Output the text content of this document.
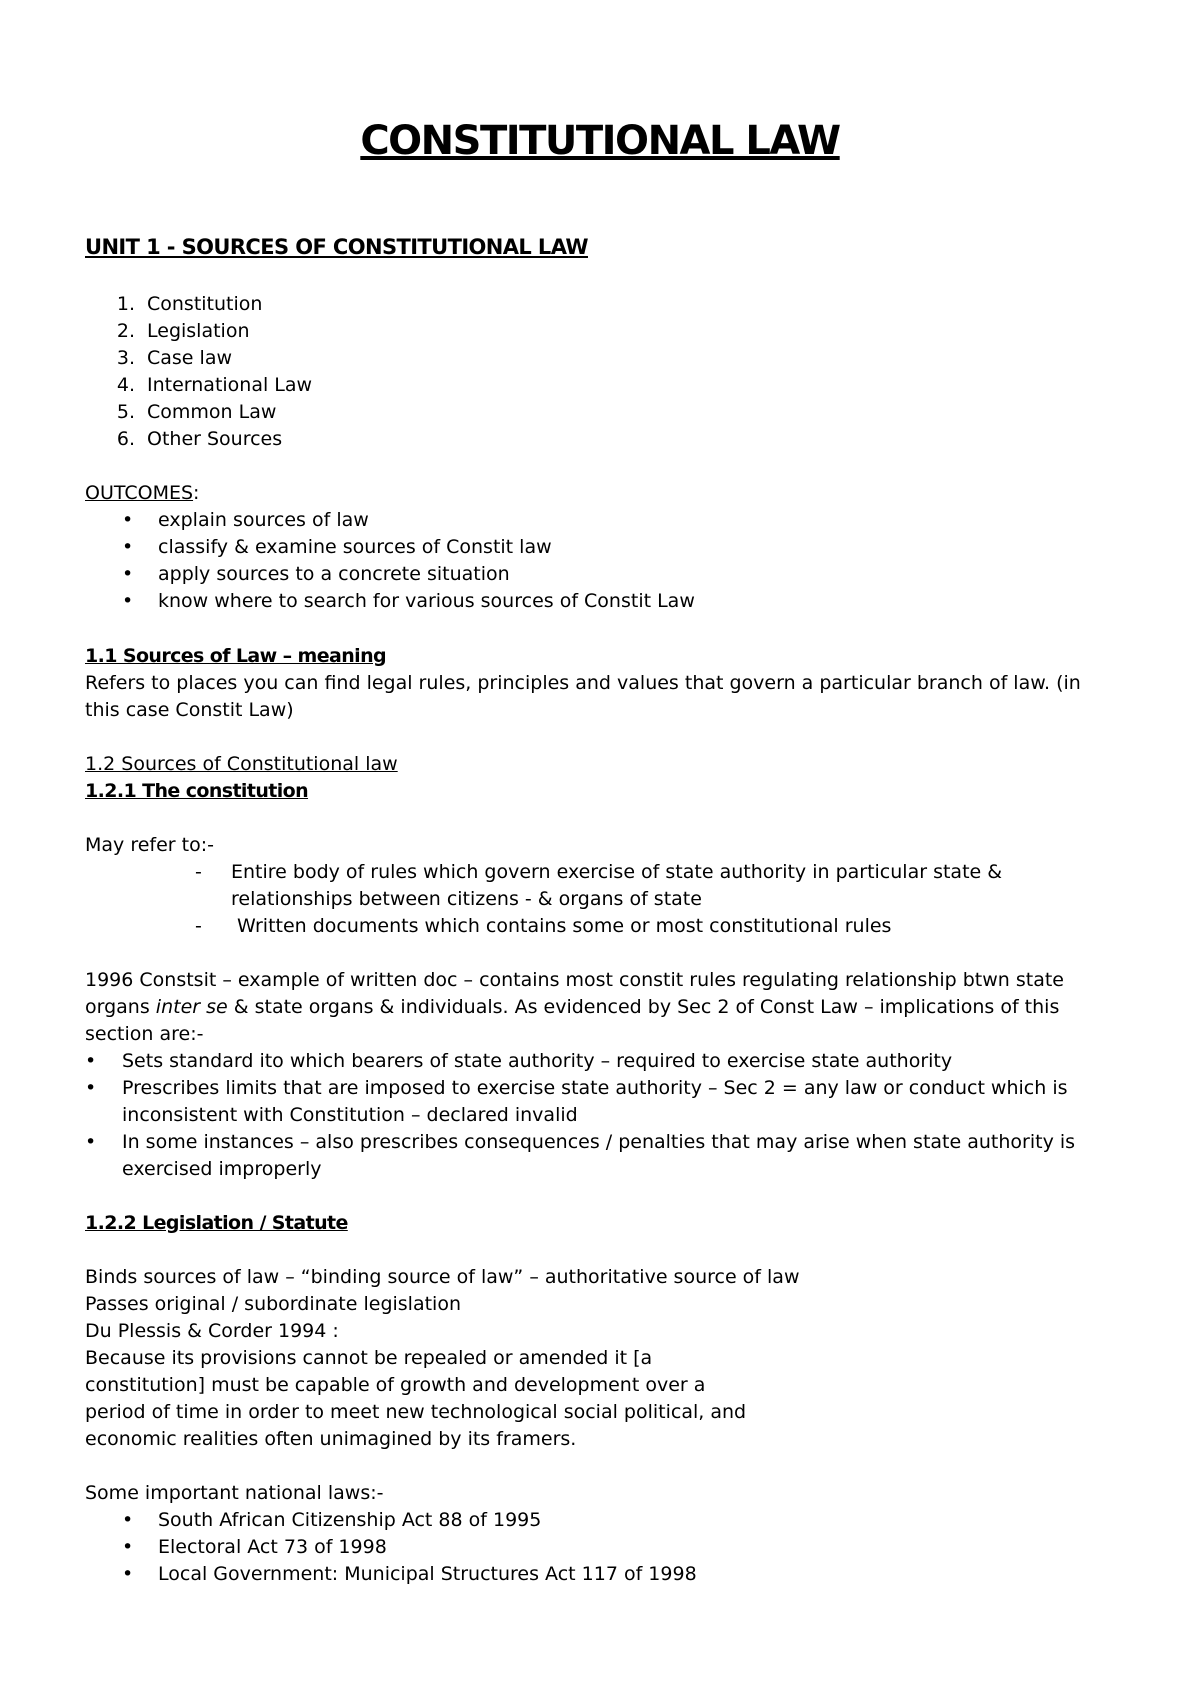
CONSTITUTIONAL LAW
UNIT 1 - SOURCES OF CONSTITUTIONAL LAW
1. Constitution
2. Legislation
3. Case law
4. International Law
5. Common Law
6. Other Sources
OUTCOMES:
• explain sources of law
• classify & examine sources of Constit law
• apply sources to a concrete situation
• know where to search for various sources of Constit Law
1.1 Sources of Law – meaning
Refers to places you can find legal rules, principles and values that govern a particular branch of law. (in
this case Constit Law)
1.2 Sources of Constitutional law
1.2.1 The constitution
May refer to:-
- Entire body of rules which govern exercise of state authority in particular state &
relationships between citizens - & organs of state
- Written documents which contains some or most constitutional rules
1996 Constsit – example of written doc – contains most constit rules regulating relationship btwn state
organs inter se & state organs & individuals. As evidenced by Sec 2 of Const Law – implications of this
section are:-
• Sets standard ito which bearers of state authority – required to exercise state authority
• Prescribes limits that are imposed to exercise state authority – Sec 2 = any law or conduct which is
inconsistent with Constitution – declared invalid
• In some instances – also prescribes consequences / penalties that may arise when state authority is
exercised improperly
1.2.2 Legislation / Statute
Binds sources of law – “binding source of law” – authoritative source of law
Passes original / subordinate legislation
Du Plessis & Corder 1994 :
Because its provisions cannot be repealed or amended it [a
constitution] must be capable of growth and development over a
period of time in order to meet new technological social political, and
economic realities often unimagined by its framers.
Some important national laws:-
• South African Citizenship Act 88 of 1995
• Electoral Act 73 of 1998
• Local Government: Municipal Structures Act 117 of 1998
